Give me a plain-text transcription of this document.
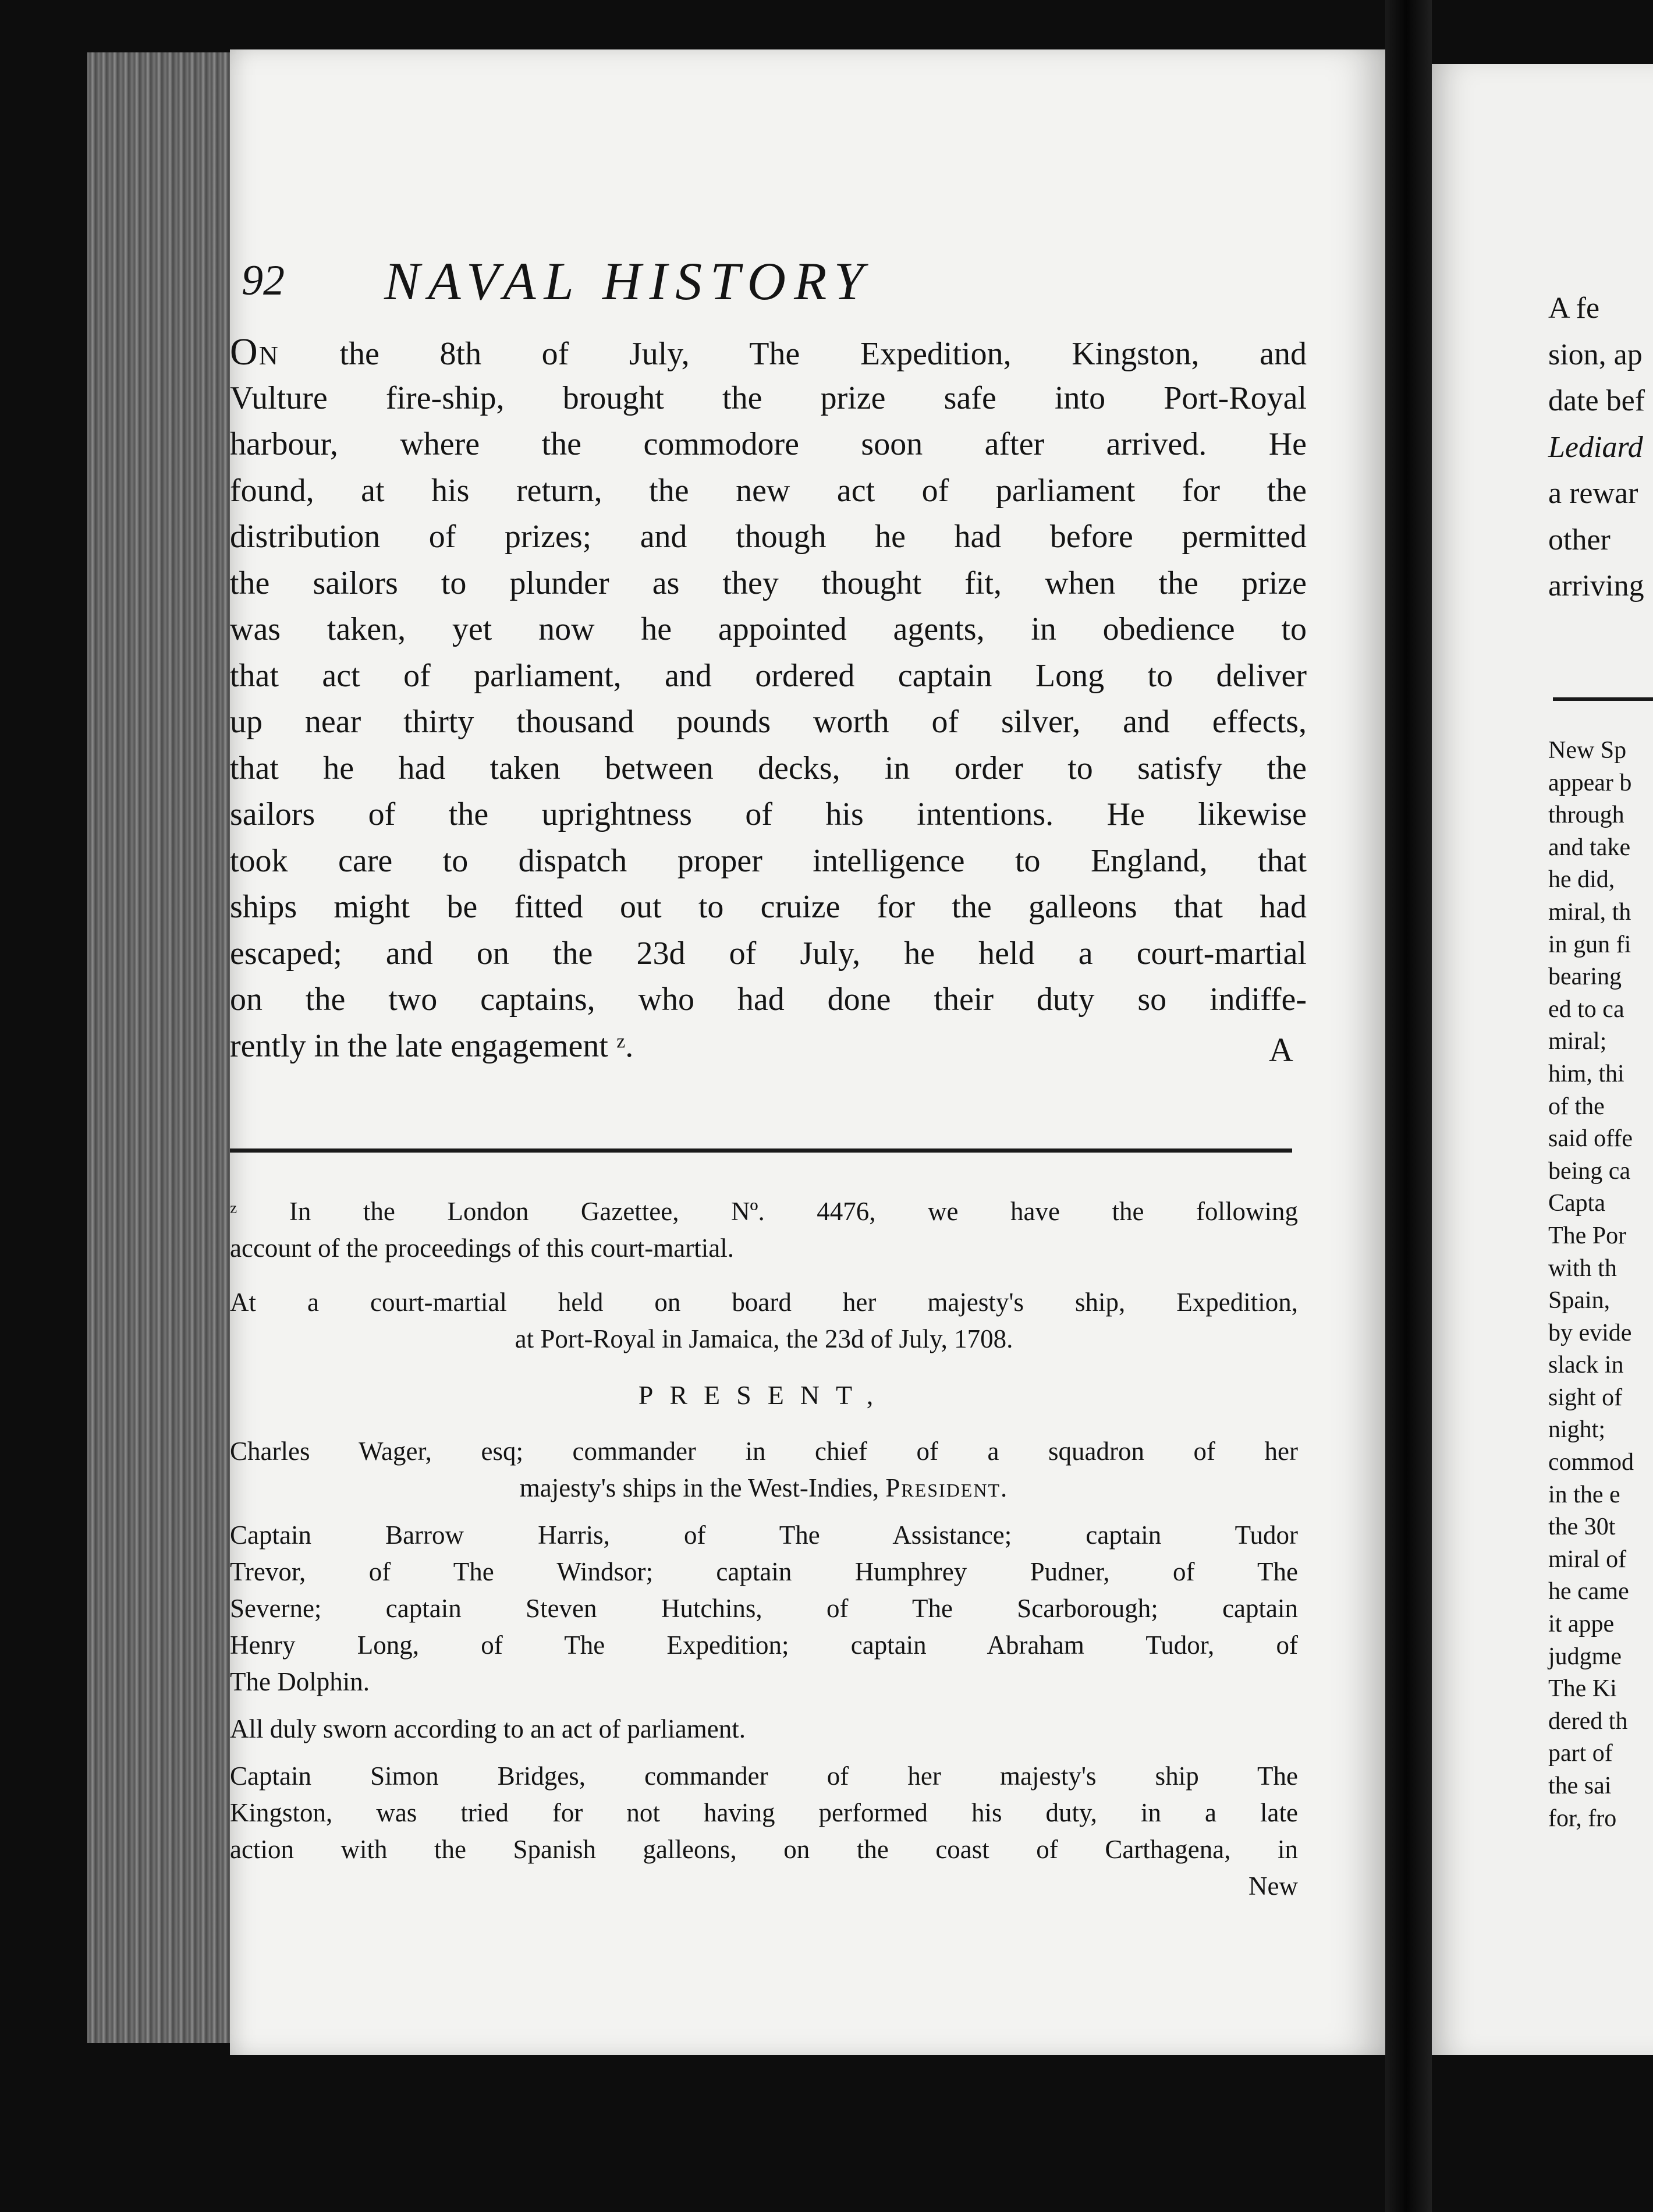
92 NAVAL HISTORY
On the 8th of July, The Expedition, Kingston, and
Vulture fire-ship, brought the prize safe into Port-Royal
harbour, where the commodore soon after arrived. He
found, at his return, the new act of parliament for the
distribution of prizes; and though he had before permitted
the sailors to plunder as they thought fit, when the prize
was taken, yet now he appointed agents, in obedience to
that act of parliament, and ordered captain Long to deliver
up near thirty thousand pounds worth of silver, and effects,
that he had taken between decks, in order to satisfy the
sailors of the uprightness of his intentions. He likewise
took care to dispatch proper intelligence to England, that
ships might be fitted out to cruize for the galleons that had
escaped; and on the 23d of July, he held a court-martial
on the two captains, who had done their duty so indiffe-
rently in the late engagement ᶻ.	A
ᶻ In the London Gazettee, Nº. 4476, we have the following
account of the proceedings of this court-martial.
At a court-martial held on board her majesty's ship, Expedition,
at Port-Royal in Jamaica, the 23d of July, 1708.
PRESENT,
Charles Wager, esq; commander in chief of a squadron of her
majesty's ships in the West-Indies, President.
Captain Barrow Harris, of The Assistance; captain Tudor
Trevor, of The Windsor; captain Humphrey Pudner, of The
Severne; captain Steven Hutchins, of The Scarborough; captain
Henry Long, of The Expedition; captain Abraham Tudor, of
The Dolphin.
All duly sworn according to an act of parliament.
Captain Simon Bridges, commander of her majesty's ship The
Kingston, was tried for not having performed his duty, in a late
action with the Spanish galleons, on the coast of Carthagena, in
New
A fe
sion, ap
date bef
Lediard
a rewar
other
arriving
New Sp
appear b
through
and take
he did,
miral, th
in gun fi
bearing
ed to ca
miral;
him, thi
of the
said offe
being ca
Capta
The Por
with th
Spain,
by evide
slack in
sight of
night;
commod
in the e
the 30t
miral of
he came
it appe
judgme
The Ki
dered th
part of
the sai
for, fro
